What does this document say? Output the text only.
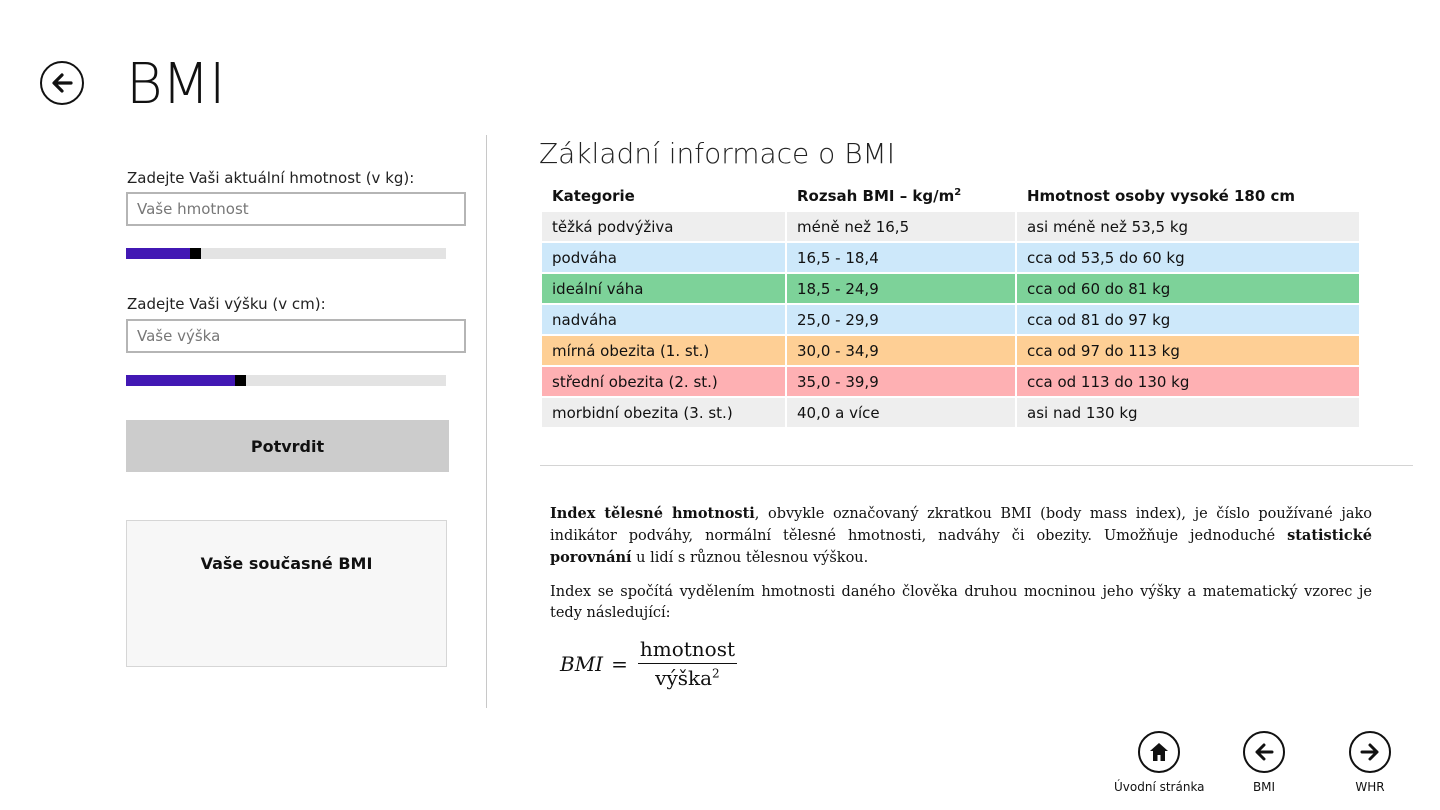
BMI
Zadejte Vaši aktuální hmotnost (v kg):
Vaše hmotnost
Zadejte Vaši výšku (v cm):
Vaše výška
Potvrdit
Vaše současné BMI
Základní informace o BMI
Kategorie	Rozsah BMI – $kg/m^2$	Hmotnost osoby vysoké 180 cm
těžká podvýživa	méně než 16,5	asi méně než 53,5 kg
podváha	16,5 - 18,4	cca od 53,5 do 60 kg
ideální váha	18,5 - 24,9	cca od 60 do 81 kg
nadváha	25,0 - 29,9	cca od 81 do 97 kg
mírná obezita (1. st.)	30,0 - 34,9	cca od 97 do 113 kg
střední obezita (2. st.)	35,0 - 39,9	cca od 113 do 130 kg
morbidní obezita (3. st.)	40,0 a více	asi nad 130 kg
Index tělesné hmotnosti, obvykle označovaný zkratkou BMI (body mass index), je číslo používané jako indikátor podváhy, normální tělesné hmotnosti, nadváhy či obezity. Umožňuje jednoduché statistické porovnání u lidí s různou tělesnou výškou.
Index se spočítá vydělením hmotnosti daného člověka druhou mocninou jeho výšky a matematický vzorec je tedy následující:
BMI = $\frac{\text{hmotnost}}{výška^2}$
Úvodní stránka	BMI	WHR
